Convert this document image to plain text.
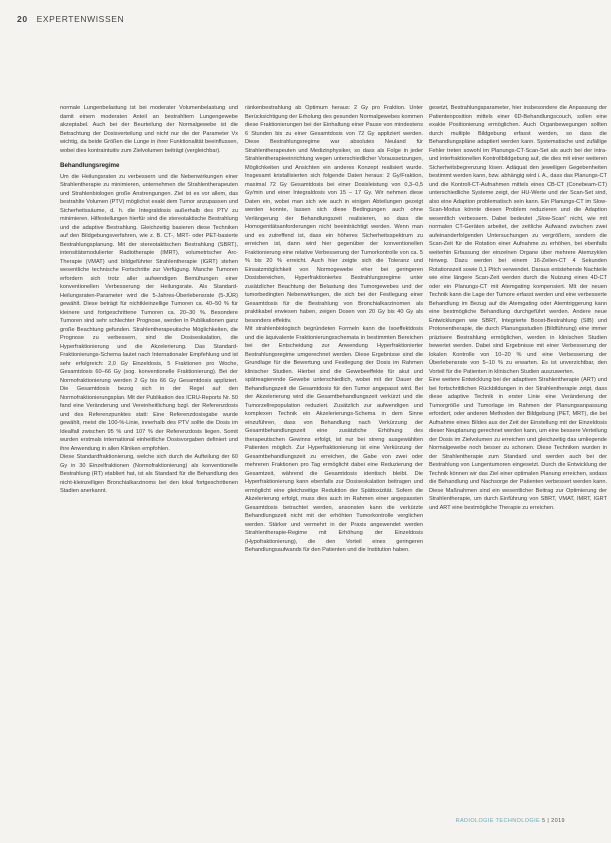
20 EXPERTENWISSEN

normale Lungenbelastung ist bei moderater Volumenbelastung und damit einem moderaten Anteil an bestrahltem Lungengewebe akzeptabel. Auch bei der Beurteilung der Normalgewebe ist die Betrachtung der Dosisverteilung und nicht nur die der Parameter Vx wichtig, da beide Größen die Lunge in ihrer Funktionalität beeinflussen, wobei dies kontraintuitiv zum Zielvolumen beiträgt (vergleichbar).

Behandlungsregime

Um die Heilungsraten zu verbessern und die Nebenwirkungen einer Strahlentherapie zu minimieren, unternehmen die Strahlentherapeuten und Strahlenbiologen große Anstrengungen. Ziel ist es vor allem, das bestrahlte Volumen (PTV) möglichst exakt dem Tumor anzupassen und Sicherheitssäume, d. h. die Integraldosis außerhalb des PTV zu minimieren. Hilfestellungen hierfür sind die stereotaktische Bestrahlung und die adaptive Bestrahlung. Gleichzeitig basieren diese Techniken auf den Bildgebungsverfahren, wie z. B. CT-, MRT- oder PET-basierte Bestrahlungsplanung. Mit der stereotaktischen Bestrahlung (SBRT), intensitätsmodulierter Radiotherapie (IMRT), volumetrischer Arc-Therapie (VMAT) und bildgeführter Strahlentherapie (IGRT) stehen wesentliche technische Fortschritte zur Verfügung. Manche Tumoren erfordern sich trotz aller aufwendigen Bemühungen einer konventionellen Verbesserung der Heilungsrate. Als Standard-Heilungsraten-Parameter wird die 5-Jahres-Überlebensrate (5-JÜR) gewählt. Diese beträgt für nichtkleinzellige Tumoren ca. 40–50 % für kleinere und fortgeschrittene Tumoren ca. 20–30 %. Besondere Tumoren sind sehr schlechter Prognose, werden in Publikationen ganz große Beachtung gefunden. Strahlentherapeutische Möglichkeiten, die Prognose zu verbessern, sind die Dosiseskalation, die Hyperfraktionierung und die Akzelerierung. Das Standard-Fraktionierungs-Schema lautet nach Internationaler Empfehlung und ist sehr erfolgreich: 2,0 Gy Einzeldosis, 5 Fraktionen pro Woche, Gesamtdosis 60–66 Gy (sog. konventionelle Fraktionierung). Bei der Normofraktionierung werden 2 Gy bis 66 Gy Gesamtdosis appliziert. Die Gesamtdosis bezog sich in der Regel auf den Normofraktionierungsplan. Mit der Publikation des ICRU-Reports Nr. 50 fand eine Veränderung und Vereinheitlichung bzgl. der Referenzdosis und des Referenzpunktes statt: Eine Referenzdosisgabe wurde gewählt, meist die 100-%-Linie, innerhalb des PTV sollte die Dosis im Idealfall zwischen 95 % und 107 % der Referenzdosis liegen. Somit wurden erstmals international einheitliche Dosisvorgaben definiert und ihre Anwendung in allen Kliniken empfohlen.

Diese Standardfraktionierung, welche sich durch die Aufteilung der 60 Gy in 30 Einzelfraktionen (Normofraktionierung) als konventionelle Bestrahlung (RT) etabliert hat, ist als Standard für die Behandlung des nicht-kleinzelligen Bronchialkarzinoms bei den lokal fortgeschrittenen Stadien anerkannt.

ränkenbestrahlung ab Optimum heraus: 2 Gy pro Fraktion. Unter Berücksichtigung der Erholung des gesunden Normalgewebes kommen diese Fraktionierungen bei der Einhaltung einer Pause von mindestens 6 Stunden bis zu einer Gesamtdosis von 72 Gy appliziert werden. Diese Bestrahlungsregime war absolutes Neuland für Strahlentherapeuten und Medizinphysiker, so dass als Folge in jeder Strahlentherapieeinrichtung wegen unterschiedlicher Voraussetzungen, Möglichkeiten und Ansichten ein anderes Konzept realisiert wurde. Insgesamt kristallisierten sich folgende Daten heraus: 2 Gy/Fraktion, maximal 72 Gy Gesamtdosis bei einer Dosisleistung von 0,3–0,5 Gy/min und einer Integraldosis von 15 – 17 Gy. Wir nehmen diese Daten ein, wobei man sich wie auch in einigen Abteilungen gezeigt werden konnte, lassen sich diese Bedingungen auch ohne Verlängerung der Behandlungszeit realisieren, so dass die Homogenitätsanforderungen nicht beeinträchtigt werden. Wenn man und es zutreffend ist, dass ein höheres Sicherheitsspektrum zu erreichen ist, dann wird hier gegenüber der konventionellen Fraktionierung eine relative Verbesserung der Tumorkontrolle von ca. 5 % bis 20 % erreicht. Auch hier zeigte sich die Toleranz und Einsatzmöglichkeit von Normogewebe eher bei geringeren Dosisbereichen, Hyperfraktioniertes Bestrahlungsregime unter zusätzlicher Beachtung der Belastung des Tumorgewebes und der tumorbedingten Nebenwirkungen, die sich bei der Festlegung einer Gesamtdosis für die Bestrahlung von Bronchialkarzinomen als praktikabel erwiesen haben, zeigen Dosen von 20 Gy bis 40 Gy als besonders effektiv.

Mit strahlenbiologisch begründeten Formeln kann die Isoeffektdosis und die äquivalente Fraktionierungsschemata in bestimmten Bereichen bei der Entscheidung zur Anwendung Hyperfraktionierter Bestrahlungsregime umgerechnet werden. Diese Ergebnisse sind die Grundlage für die Bewertung und Festlegung der Dosis im Rahmen klinischer Studien. Hierbei sind die Gewebeeffekte für akut und spätreagierende Gewebe unterschiedlich, wobei mit der Dauer der Behandlungszeit die Gesamtdosis für den Tumor angepasst wird. Bei der Akzelerierung wird die Gesamtbehandlungszeit verkürzt und die Tumorzellrepopulation reduziert. Zusätzlich zur aufwendigen und komplexen Technik ein Akzelerierungs-Schema in dem Sinne einzuführen, dass von Behandlung nach Verkürzung der Gesamtbehandlungszeit eine zusätzliche Erhöhung des therapeutischen Gewinns erfolgt, ist nur bei streng ausgewählten Patienten möglich. Zur Hyperfraktionierung ist eine Verkürzung der Gesamtbehandlungszeit zu erreichen, die Gabe von zwei oder mehreren Fraktionen pro Tag ermöglicht dabei eine Reduzierung der Gesamtzeit, während die Gesamtdosis identisch bleibt. Die Hyperfraktionierung kann ebenfalls zur Dosiseskalation beitragen und ermöglicht eine gleichzeitige Reduktion der Spättoxizität. Sofern die Akzelerierung erfolgt, muss dies auch im Rahmen einer angepassten Gesamtdosis betrachtet werden, ansonsten kann die verkürzte Behandlungszeit nicht mit der erhöhten Tumorkontrolle verglichen werden. Stärker und vermehrt in der Praxis angewendet werden Strahlentherapie-Regime mit Erhöhung der Einzeldosis (Hypofraktionierung), die den Vorteil eines geringeren Behandlungsaufwands für den Patienten und die Institution haben.

gesetzt, Bestrahlungsparameter, hier insbesondere die Anpassung der Patientenposition mittels einer 6D-Behandlungscouch, sollen eine exakte Positionierung ermöglichen. Auch Organbewegungen sollten durch multiple Bildgebung erfasst werden, so dass die Behandlungspläne adaptiert werden kann. Systematische und zufällige Fehler treten sowohl im Planungs-CT-Scan-Set als auch bei der intra- und interfraktionellen Kontrollbildgebung auf, die dies mit einer weiteren Sicherheitsbegrenzung lösen. Adäquat den jeweiligen Gegebenheiten bestimmt werden kann, bzw. abhängig wird i. A., dass das Planungs-CT und die Kontroll-CT-Aufnahmen mittels eines CB-CT (Conebeam-CT) unterschiedliche Systeme zeigt, der HU-Werte und der Scan-Set sind, also eine Adaption problematisch sein kann. Ein Planungs-CT im Slow-Scan-Modus könnte diesen Problem reduzieren und die Adaption wesentlich verbessern. Dabei bedeutet „Slow-Scan“ nicht, wie mit normalen CT-Geräten arbeitet, der zeitliche Aufwand zwischen zwei aufeinanderfolgenden Untersuchungen zu vergrößern, sondern die Scan-Zeit für die Rotation einer Aufnahme zu erhöhen, bei ebenfalls weiterhin Erfassung der einzelnen Organe über mehrere Atemzyklen hinweg. Dazu werden bei einem 16-Zeilen-CT 4 Sekunden Rotationszeit sowie 0,1 Pitch verwendet. Daraus entstehende Nachteile wie eine längere Scan-Zeit werden durch die Nutzung eines 4D-CT oder ein Planungs-CT mit Atemgating kompensiert. Mit der neuen Technik kann die Lage der Tumore erfasst werden und eine verbesserte Behandlung im Bezug auf die Atemgating oder Atemtriggerung kann eine bestmögliche Behandlung durchgeführt werden. Andere neue Entwicklungen wie SBRT, Integrierte Boost-Bestrahlung (SIB) und Protonentherapie, die durch Planungsstudien (Bildführung) eine immer präzisere Bestrahlung ermöglichen, werden in klinischen Studien bewertet werden. Dabei sind Ergebnisse mit einer Verbesserung der lokalen Kontrolle von 10–20 % und eine Verbesserung der Überlebensrate von 5–10 % zu erwarten. Es ist unverzichtbar, den Vorteil für die Patienten in klinischen Studien auszuwerten.

Eine weitere Entwicklung bei der adaptiven Strahlentherapie (ART) und bei fortschrittlichen Rückbildungen in der Strahlentherapie zeigt, dass diese adaptive Technik in erster Linie eine Veränderung der Tumorgröße und Tumorlage im Rahmen der Planungsanpassung erfordert, oder anderen Methoden der Bildgebung (PET, MRT), die bei Aufnahme eines Bildes aus der Zeit der Einstellung mit der Einzeldosis dieser Neuplanung gerechnet werden kann, um eine bessere Verteilung der Dosis im Zielvolumen zu erreichen und gleichzeitig das umliegende Normalgewebe noch besser zu schonen. Diese Techniken wurden in der Strahlentherapie zum Standard und werden auch bei der Bestrahlung von Lungentumoren eingesetzt. Durch die Entwicklung der Technik können wir das Ziel einer optimalen Planung erreichen, sodass die Behandlung und Nachsorge der Patienten verbessert werden kann. Diese Maßnahmen sind ein wesentlicher Beitrag zur Optimierung der Strahlentherapie, um durch Einführung von SBRT, VMAT, IMRT, IGRT und ART eine bestmögliche Therapie zu erreichen.

RADIOLOGIE TECHNOLOGIE 5 | 2019
